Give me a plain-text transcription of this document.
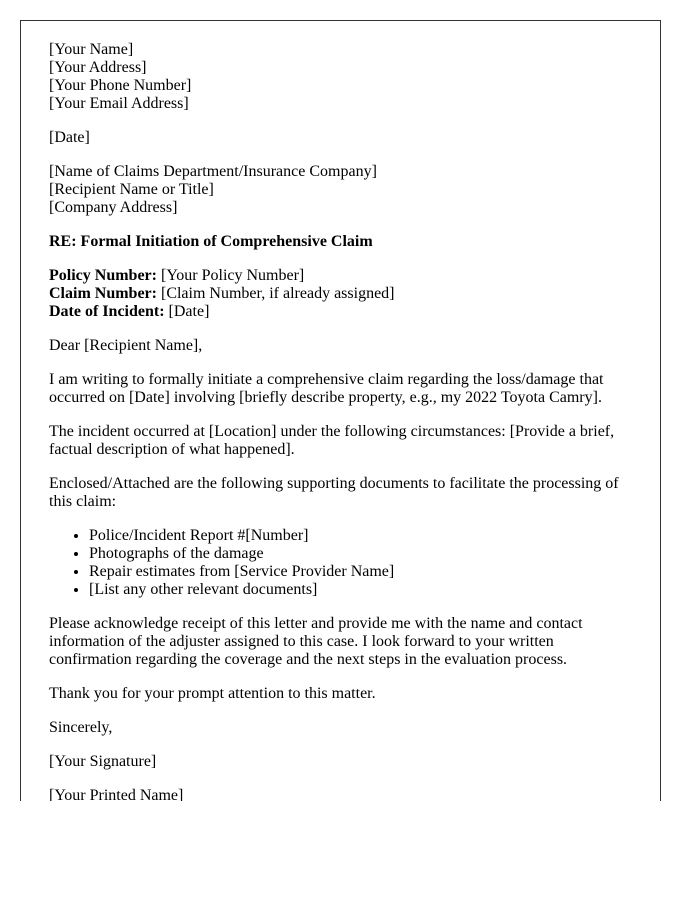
[Your Name]
[Your Address]
[Your Phone Number]
[Your Email Address]

[Date]

[Name of Claims Department/Insurance Company]
[Recipient Name or Title]
[Company Address]

RE: Formal Initiation of Comprehensive Claim

Policy Number: [Your Policy Number]
Claim Number: [Claim Number, if already assigned]
Date of Incident: [Date]

Dear [Recipient Name],

I am writing to formally initiate a comprehensive claim regarding the loss/damage that occurred on [Date] involving [briefly describe property, e.g., my 2022 Toyota Camry].

The incident occurred at [Location] under the following circumstances: [Provide a brief, factual description of what happened].

Enclosed/Attached are the following supporting documents to facilitate the processing of this claim:

• Police/Incident Report #[Number]
• Photographs of the damage
• Repair estimates from [Service Provider Name]
• [List any other relevant documents]

Please acknowledge receipt of this letter and provide me with the name and contact information of the adjuster assigned to this case. I look forward to your written confirmation regarding the coverage and the next steps in the evaluation process.

Thank you for your prompt attention to this matter.

Sincerely,

[Your Signature]

[Your Printed Name]
